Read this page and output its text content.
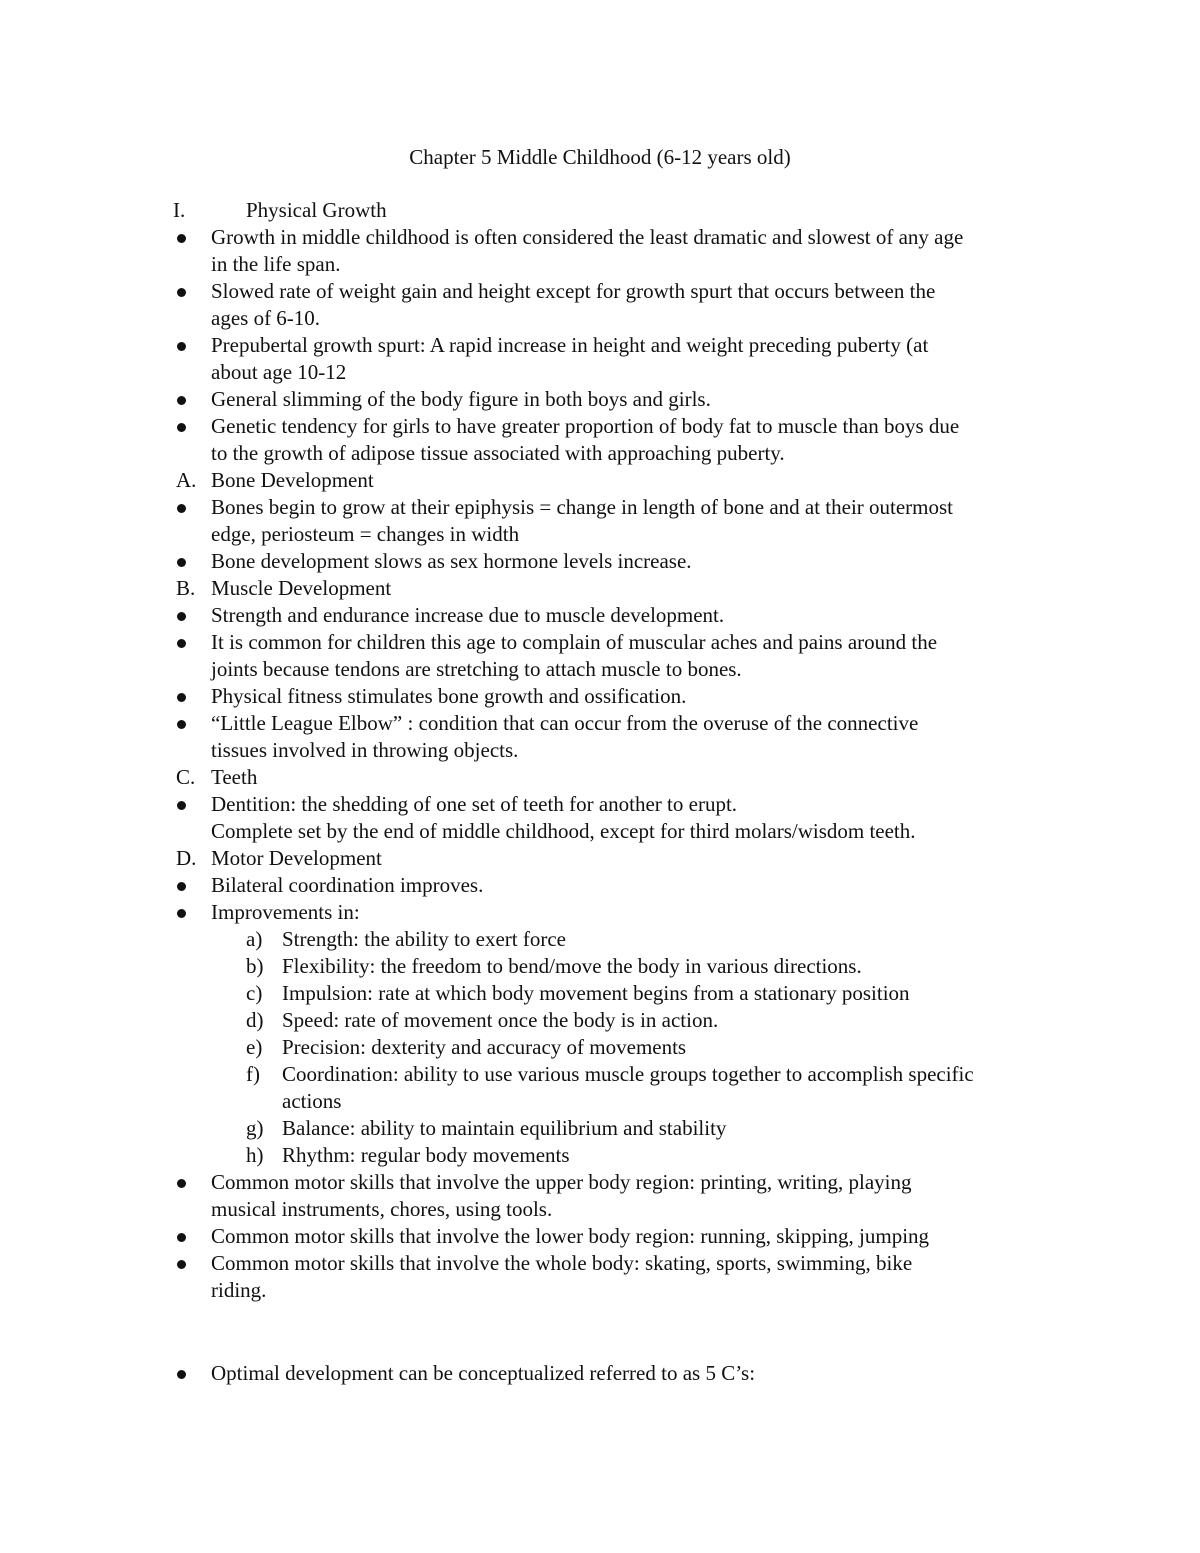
Chapter 5 Middle Childhood (6-12 years old)
I.	Physical Growth
Growth in middle childhood is often considered the least dramatic and slowest of any age
in the life span.
Slowed rate of weight gain and height except for growth spurt that occurs between the
ages of 6-10.
Prepubertal growth spurt: A rapid increase in height and weight preceding puberty (at
about age 10-12
General slimming of the body figure in both boys and girls.
Genetic tendency for girls to have greater proportion of body fat to muscle than boys due
to the growth of adipose tissue associated with approaching puberty.
A. Bone Development
Bones begin to grow at their epiphysis = change in length of bone and at their outermost
edge, periosteum = changes in width
Bone development slows as sex hormone levels increase.
B. Muscle Development
Strength and endurance increase due to muscle development.
It is common for children this age to complain of muscular aches and pains around the
joints because tendons are stretching to attach muscle to bones.
Physical fitness stimulates bone growth and ossification.
“Little League Elbow” : condition that can occur from the overuse of the connective
tissues involved in throwing objects.
C. Teeth
Dentition: the shedding of one set of teeth for another to erupt.
Complete set by the end of middle childhood, except for third molars/wisdom teeth.
D. Motor Development
Bilateral coordination improves.
Improvements in:
a) Strength: the ability to exert force
b) Flexibility: the freedom to bend/move the body in various directions.
c) Impulsion: rate at which body movement begins from a stationary position
d) Speed: rate of movement once the body is in action.
e) Precision: dexterity and accuracy of movements
f) Coordination: ability to use various muscle groups together to accomplish specific
actions
g) Balance: ability to maintain equilibrium and stability
h) Rhythm: regular body movements
Common motor skills that involve the upper body region: printing, writing, playing
musical instruments, chores, using tools.
Common motor skills that involve the lower body region: running, skipping, jumping
Common motor skills that involve the whole body: skating, sports, swimming, bike
riding.
Optimal development can be conceptualized referred to as 5 C’s:
